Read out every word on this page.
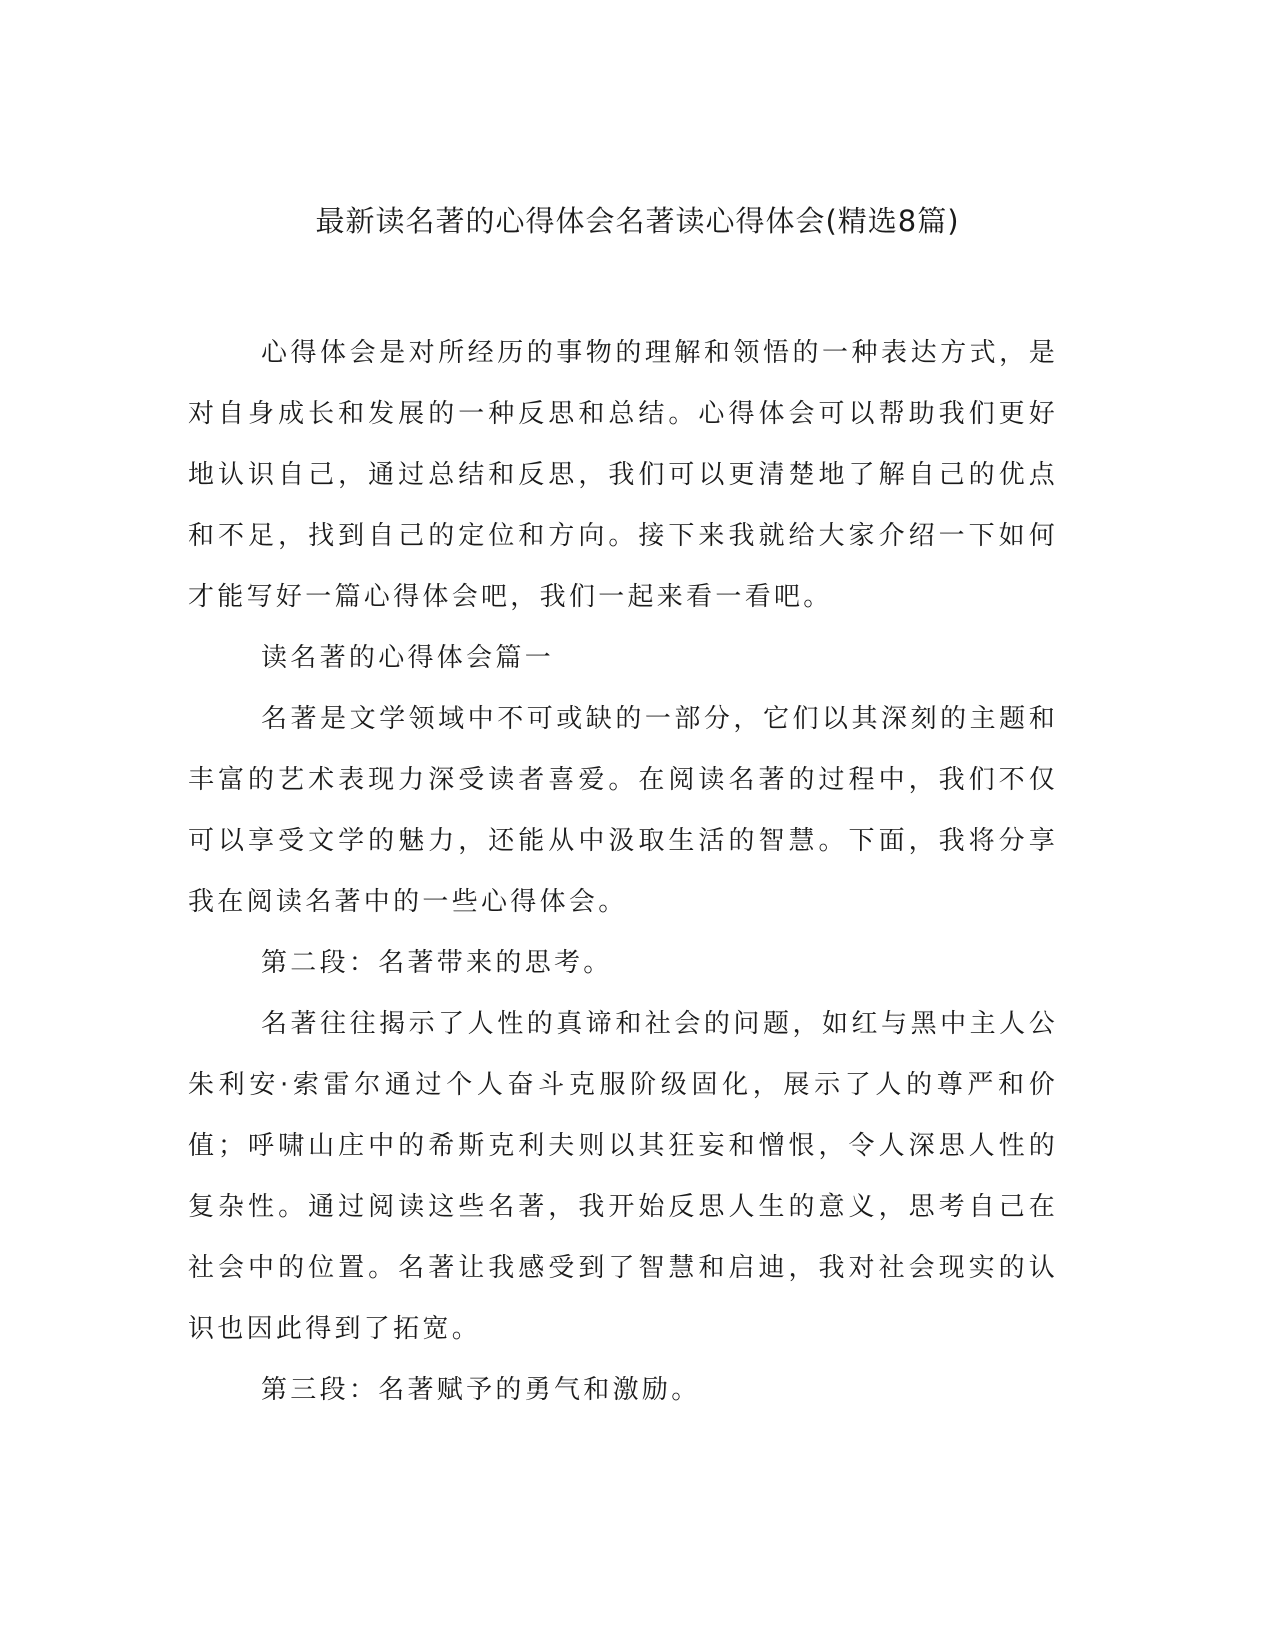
最新读名著的心得体会名著读心得体会(精选8篇)

心得体会是对所经历的事物的理解和领悟的一种表达方式，是对自身成长和发展的一种反思和总结。心得体会可以帮助我们更好地认识自己，通过总结和反思，我们可以更清楚地了解自己的优点和不足，找到自己的定位和方向。接下来我就给大家介绍一下如何才能写好一篇心得体会吧，我们一起来看一看吧。

读名著的心得体会篇一

名著是文学领域中不可或缺的一部分，它们以其深刻的主题和丰富的艺术表现力深受读者喜爱。在阅读名著的过程中，我们不仅可以享受文学的魅力，还能从中汲取生活的智慧。下面，我将分享我在阅读名著中的一些心得体会。

第二段：名著带来的思考。

名著往往揭示了人性的真谛和社会的问题，如红与黑中主人公朱利安·索雷尔通过个人奋斗克服阶级固化，展示了人的尊严和价值；呼啸山庄中的希斯克利夫则以其狂妄和憎恨，令人深思人性的复杂性。通过阅读这些名著，我开始反思人生的意义，思考自己在社会中的位置。名著让我感受到了智慧和启迪，我对社会现实的认识也因此得到了拓宽。

第三段：名著赋予的勇气和激励。
